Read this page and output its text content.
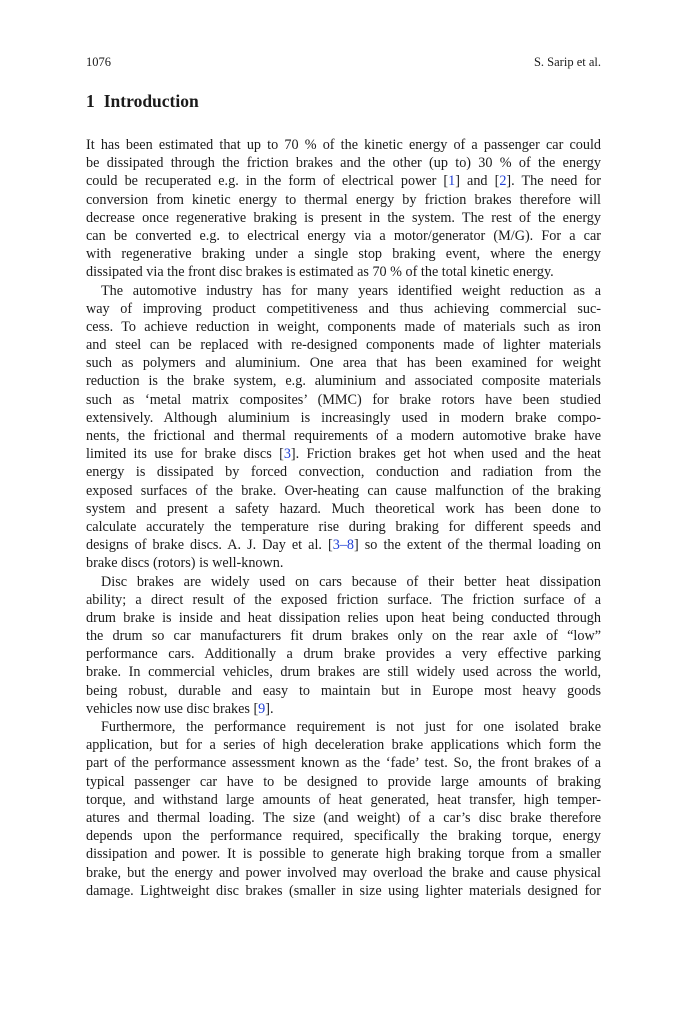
1076	S. Sarip et al.
1 Introduction
It has been estimated that up to 70 % of the kinetic energy of a passenger car could
be dissipated through the friction brakes and the other (up to) 30 % of the energy
could be recuperated e.g. in the form of electrical power [1] and [2]. The need for
conversion from kinetic energy to thermal energy by friction brakes therefore will
decrease once regenerative braking is present in the system. The rest of the energy
can be converted e.g. to electrical energy via a motor/generator (M/G). For a car
with regenerative braking under a single stop braking event, where the energy
dissipated via the front disc brakes is estimated as 70 % of the total kinetic energy.
The automotive industry has for many years identified weight reduction as a
way of improving product competitiveness and thus achieving commercial suc-
cess. To achieve reduction in weight, components made of materials such as iron
and steel can be replaced with re-designed components made of lighter materials
such as polymers and aluminium. One area that has been examined for weight
reduction is the brake system, e.g. aluminium and associated composite materials
such as ‘metal matrix composites’ (MMC) for brake rotors have been studied
extensively. Although aluminium is increasingly used in modern brake compo-
nents, the frictional and thermal requirements of a modern automotive brake have
limited its use for brake discs [3]. Friction brakes get hot when used and the heat
energy is dissipated by forced convection, conduction and radiation from the
exposed surfaces of the brake. Over-heating can cause malfunction of the braking
system and present a safety hazard. Much theoretical work has been done to
calculate accurately the temperature rise during braking for different speeds and
designs of brake discs. A. J. Day et al. [3–8] so the extent of the thermal loading on
brake discs (rotors) is well-known.
Disc brakes are widely used on cars because of their better heat dissipation
ability; a direct result of the exposed friction surface. The friction surface of a
drum brake is inside and heat dissipation relies upon heat being conducted through
the drum so car manufacturers fit drum brakes only on the rear axle of “low”
performance cars. Additionally a drum brake provides a very effective parking
brake. In commercial vehicles, drum brakes are still widely used across the world,
being robust, durable and easy to maintain but in Europe most heavy goods
vehicles now use disc brakes [9].
Furthermore, the performance requirement is not just for one isolated brake
application, but for a series of high deceleration brake applications which form the
part of the performance assessment known as the ‘fade’ test. So, the front brakes of a
typical passenger car have to be designed to provide large amounts of braking
torque, and withstand large amounts of heat generated, heat transfer, high temper-
atures and thermal loading. The size (and weight) of a car’s disc brake therefore
depends upon the performance required, specifically the braking torque, energy
dissipation and power. It is possible to generate high braking torque from a smaller
brake, but the energy and power involved may overload the brake and cause physical
damage. Lightweight disc brakes (smaller in size using lighter materials designed for
